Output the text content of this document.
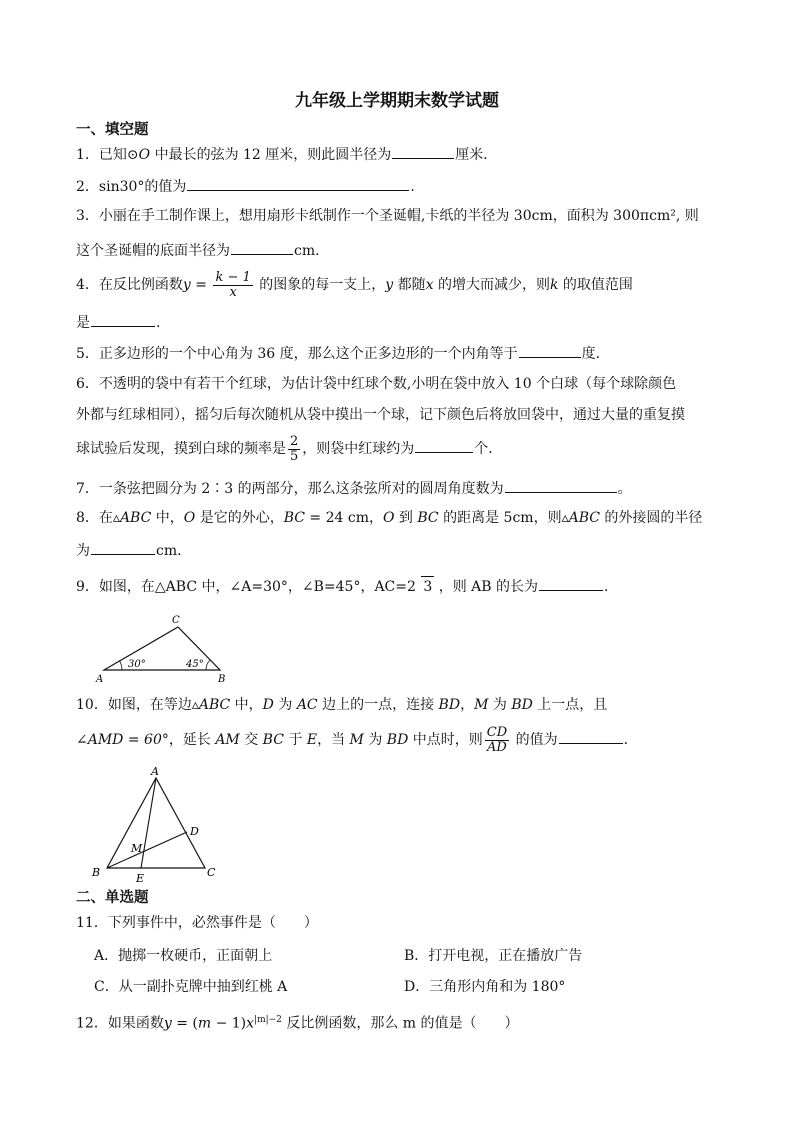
九年级上学期期末数学试题
一、填空题
1．已知⊙O 中最长的弦为 12 厘米，则此圆半径为	厘米．
2．sin30°的值为	.
3．小丽在手工制作课上，想用扇形卡纸制作一个圣诞帽,卡纸的半径为 30cm，面积为 300πcm², 则
这个圣诞帽的底面半径为	cm．
4．在反比例函数$y = \frac{k - 1}{x}$ 的图象的每一支上，y 都随x 的增大而减少，则k 的取值范围
是	.
5．正多边形的一个中心角为 36 度，那么这个正多边形的一个内角等于	度．
6．不透明的袋中有若干个红球，为估计袋中红球个数,小明在袋中放入 10 个白球（每个球除颜色
外都与红球相同），摇匀后每次随机从袋中摸出一个球，记下颜色后将放回袋中，通过大量的重复摸
球试验后发现，摸到白球的频率是 $\frac{2}{5}$ ，则袋中红球约为	个．
7．一条弦把圆分为 2∶3 的两部分，那么这条弦所对的圆周角度数为	。
8．在▵ABC 中，O 是它的外心，BC = 24 cm，O 到 BC 的距离是 5cm，则▵ABC 的外接圆的半径
为	cm．
9．如图，在△ABC 中，∠A=30°，∠B=45°，AC=2 3 ，则 AB 的长为	．
A	B
C
30°	45°
10．如图，在等边▵ABC 中，D 为 AC 边上的一点，连接 BD，M 为 BD 上一点，且
∠AMD = 60°，延长 AM 交 BC 于 E，当 M 为 BD 中点时，则 $\frac{CD}{AD}$ 的值为	．
A
B	C
D
M
E
二、单选题
11．下列事件中，必然事件是（　　）
A．抛掷一枚硬币，正面朝上	B．打开电视，正在播放广告
C．从一副扑克牌中抽到红桃 A	D．三角形内角和为 180°
12．如果函数$y = (m - 1)x^{|m|-2}$ 反比例函数，那么 m 的值是（　　）
